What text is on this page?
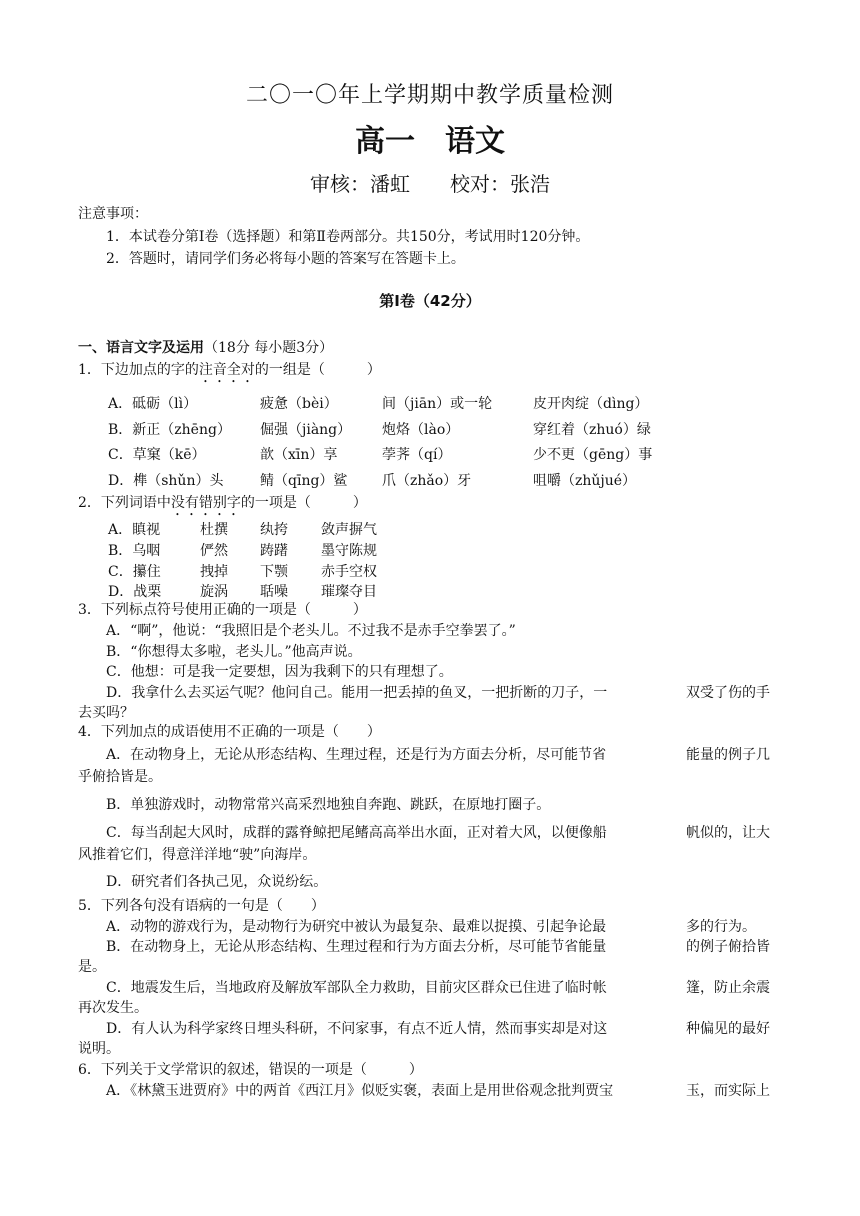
二〇一〇年上学期期中教学质量检测
高一　语文
审核：潘虹　　校对：张浩
注意事项：
1．本试卷分第Ⅰ卷（选择题）和第Ⅱ卷两部分。共150分，考试用时120分钟。
2．答题时，请同学们务必将每小题的答案写在答题卡上。
第Ⅰ卷（42分）
一、语言文字及运用（18分 每小题3分）
1．下边加点的字的注音全对的一组是（　　　）
A．砥砺（lì）	疲惫（bèi）	间（jiān）或一轮	皮开肉绽（dìng）
B．新正（zhēng） 倔强（jiàng） 炮烙（lào）	穿红着（zhuó）绿
C．草窠（kē）	歆（xīn）享	荸荠（qí）	少不更（gēng）事
D．榫（shǔn）头	鲭（qīng）鲨 爪（zhǎo）牙	咀嚼（zhǔjué）
2．下列词语中没有错别字的一项是（　　　）
A．瞋视	杜撰 纨挎 敛声摒气
B．乌咽	俨然 踌躇 墨守陈规
C．攥住	拽掉 下颚 赤手空权
D．战栗	旋涡 聒噪 璀璨夺目
3．下列标点符号使用正确的一项是（　　　）
A．“啊”，他说：“我照旧是个老头儿。不过我不是赤手空拳罢了。”
B．“你想得太多啦，老头儿。”他高声说。
C．他想：可是我一定要想，因为我剩下的只有理想了。
D．我拿什么去买运气呢？他问自己。能用一把丢掉的鱼叉，一把折断的刀子，一	双受了伤的手
去买吗？
4．下列加点的成语使用不正确的一项是（　　）
A．在动物身上，无论从形态结构、生理过程，还是行为方面去分析，尽可能节省	能量的例子几
乎俯拾皆是。
B．单独游戏时，动物常常兴高采烈地独自奔跑、跳跃，在原地打圈子。
C．每当刮起大风时，成群的露脊鲸把尾鳍高高举出水面，正对着大风，以便像船	帆似的，让大
风推着它们，得意洋洋地“驶”向海岸。
D．研究者们各执己见，众说纷纭。
5．下列各句没有语病的一句是（　　）
A．动物的游戏行为，是动物行为研究中被认为最复杂、最难以捉摸、引起争论最	多的行为。
B．在动物身上，无论从形态结构、生理过程和行为方面去分析，尽可能节省能量	的例子俯拾皆
是。
C．地震发生后，当地政府及解放军部队全力救助，目前灾区群众已住进了临时帐	篷，防止余震
再次发生。
D．有人认为科学家终日埋头科研，不问家事，有点不近人情，然而事实却是对这	种偏见的最好
说明。
6．下列关于文学常识的叙述，错误的一项是（　　　）
A．《林黛玉进贾府》中的两首《西江月》似贬实褒，表面上是用世俗观念批判贾宝	玉，而实际上
